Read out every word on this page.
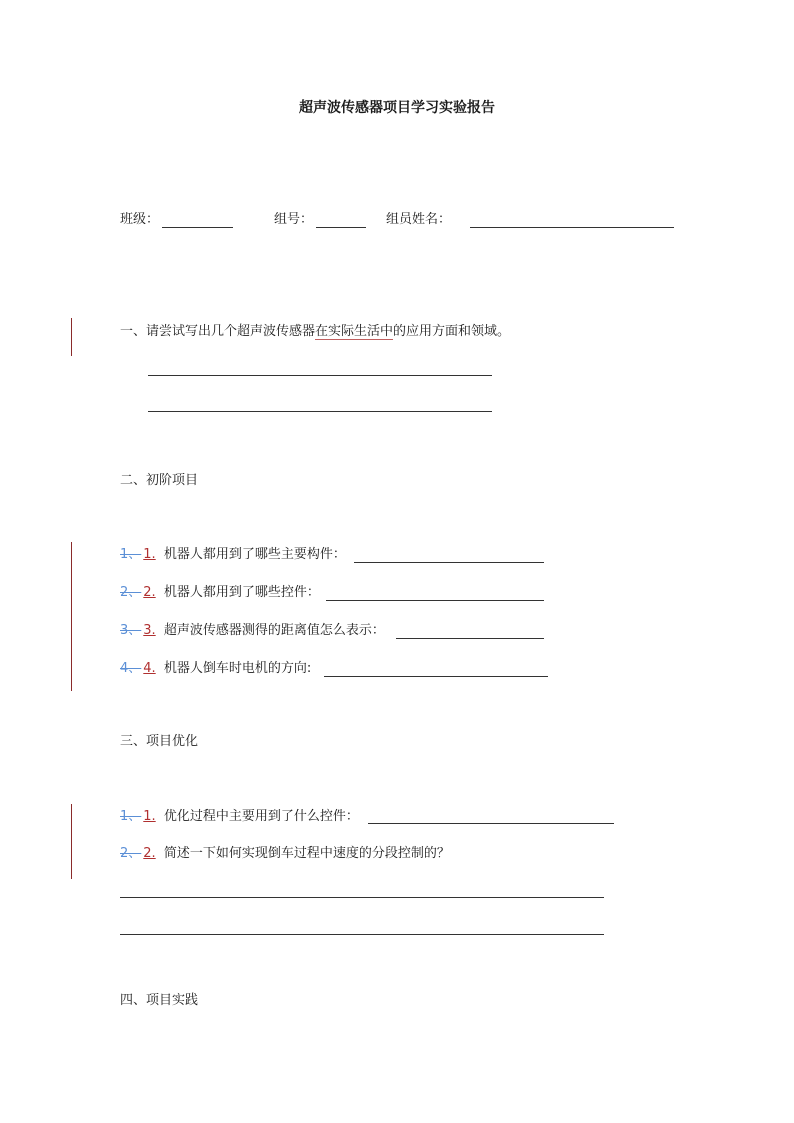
超声波传感器项目学习实验报告
班级：	组号：	组员姓名：
一、请尝试写出几个超声波传感器在实际生活中的应用方面和领域。
二、初阶项目
1、 1. 机器人都用到了哪些主要构件：
2、 2. 机器人都用到了哪些控件：
3、 3. 超声波传感器测得的距离值怎么表示：
4、 4. 机器人倒车时电机的方向:
三、项目优化
1、 1. 优化过程中主要用到了什么控件：
2、 2. 简述一下如何实现倒车过程中速度的分段控制的？
四、项目实践
